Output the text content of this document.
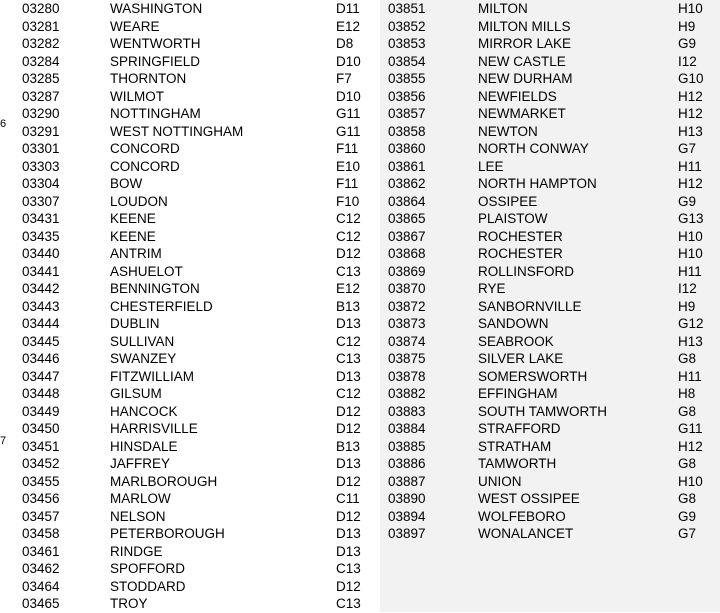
6
7
03280	WASHINGTON	D11
03281	WEARE	E12
03282	WENTWORTH	D8
03284	SPRINGFIELD	D10
03285	THORNTON	F7
03287	WILMOT	D10
03290	NOTTINGHAM	G11
03291	WEST NOTTINGHAM	G11
03301	CONCORD	F11
03303	CONCORD	E10
03304	BOW	F11
03307	LOUDON	F10
03431	KEENE	C12
03435	KEENE	C12
03440	ANTRIM	D12
03441	ASHUELOT	C13
03442	BENNINGTON	E12
03443	CHESTERFIELD	B13
03444	DUBLIN	D13
03445	SULLIVAN	C12
03446	SWANZEY	C13
03447	FITZWILLIAM	D13
03448	GILSUM	C12
03449	HANCOCK	D12
03450	HARRISVILLE	D12
03451	HINSDALE	B13
03452	JAFFREY	D13
03455	MARLBOROUGH	D12
03456	MARLOW	C11
03457	NELSON	D12
03458	PETERBOROUGH	D13
03461	RINDGE	D13
03462	SPOFFORD	C13
03464	STODDARD	D12
03465	TROY	C13
03851	MILTON	H10
03852	MILTON MILLS	H9
03853	MIRROR LAKE	G9
03854	NEW CASTLE	I12
03855	NEW DURHAM	G10
03856	NEWFIELDS	H12
03857	NEWMARKET	H12
03858	NEWTON	H13
03860	NORTH CONWAY	G7
03861	LEE	H11
03862	NORTH HAMPTON	H12
03864	OSSIPEE	G9
03865	PLAISTOW	G13
03867	ROCHESTER	H10
03868	ROCHESTER	H10
03869	ROLLINSFORD	H11
03870	RYE	I12
03872	SANBORNVILLE	H9
03873	SANDOWN	G12
03874	SEABROOK	H13
03875	SILVER LAKE	G8
03878	SOMERSWORTH	H11
03882	EFFINGHAM	H8
03883	SOUTH TAMWORTH	G8
03884	STRAFFORD	G11
03885	STRATHAM	H12
03886	TAMWORTH	G8
03887	UNION	H10
03890	WEST OSSIPEE	G8
03894	WOLFEBORO	G9
03897	WONALANCET	G7
